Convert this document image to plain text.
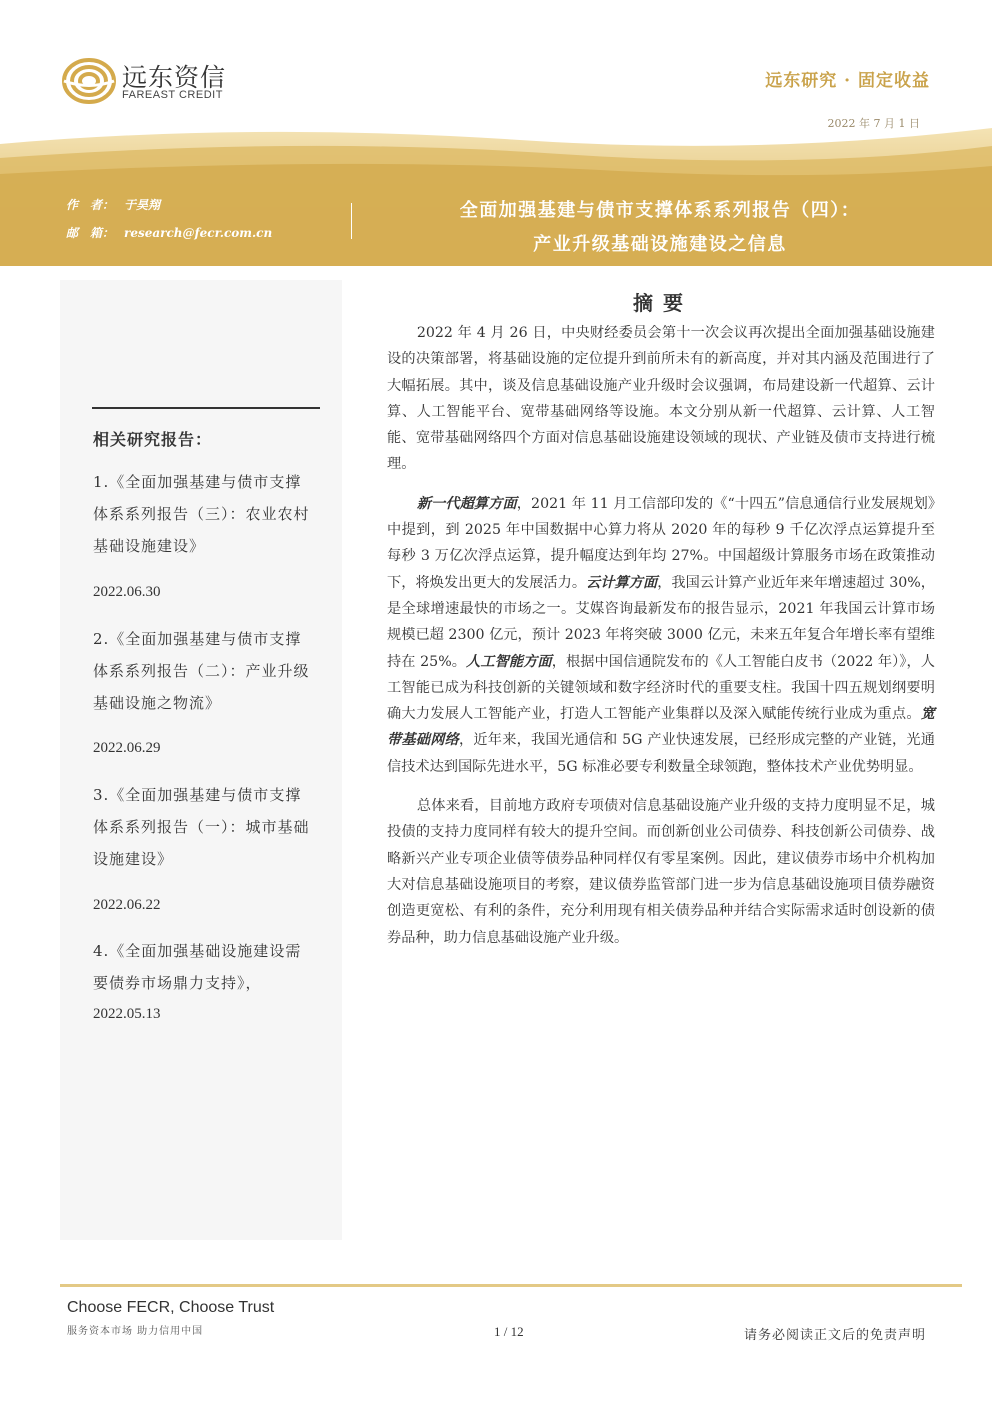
远东资信
FAREAST CREDIT
远东研究 · 固定收益
2022 年 7 月 1 日
作　者： 于昊翔
邮　箱： research@fecr.com.cn
全面加强基建与债市支撑体系系列报告（四）：
产业升级基础设施建设之信息
相关研究报告：
1.《全面加强基建与债市支撑
体系系列报告（三）：农业农村
基础设施建设》
2022.06.30
2.《全面加强基建与债市支撑
体系系列报告（二）：产业升级
基础设施之物流》
2022.06.29
3.《全面加强基建与债市支撑
体系系列报告（一）：城市基础
设施建设》
2022.06.22
4.《全面加强基础设施建设需
要债券市场鼎力支持》，
2022.05.13
摘要

2022 年 4 月 26 日，中央财经委员会第十一次会议再次提出全面加强基础设施建设的决策部署，将基础设施的定位提升到前所未有的新高度，并对其内涵及范围进行了大幅拓展。其中，谈及信息基础设施产业升级时会议强调，布局建设新一代超算、云计算、人工智能平台、宽带基础网络等设施。本文分别从新一代超算、云计算、人工智能、宽带基础网络四个方面对信息基础设施建设领域的现状、产业链及债市支持进行梳理。

新一代超算方面，2021 年 11 月工信部印发的《“十四五”信息通信行业发展规划》中提到，到 2025 年中国数据中心算力将从 2020 年的每秒 9 千亿次浮点运算提升至每秒 3 万亿次浮点运算，提升幅度达到年均 27%。中国超级计算服务市场在政策推动下，将焕发出更大的发展活力。云计算方面，我国云计算产业近年来年增速超过 30%，是全球增速最快的市场之一。艾媒咨询最新发布的报告显示，2021 年我国云计算市场规模已超 2300 亿元，预计 2023 年将突破 3000 亿元，未来五年复合年增长率有望维持在 25%。人工智能方面，根据中国信通院发布的《人工智能白皮书（2022 年）》，人工智能已成为科技创新的关键领域和数字经济时代的重要支柱。我国十四五规划纲要明确大力发展人工智能产业，打造人工智能产业集群以及深入赋能传统行业成为重点。宽带基础网络，近年来，我国光通信和 5G 产业快速发展，已经形成完整的产业链，光通信技术达到国际先进水平，5G 标准必要专利数量全球领跑，整体技术产业优势明显。

总体来看，目前地方政府专项债对信息基础设施产业升级的支持力度明显不足，城投债的支持力度同样有较大的提升空间。而创新创业公司债券、科技创新公司债券、战略新兴产业专项企业债等债券品种同样仅有零星案例。因此，建议债券市场中介机构加大对信息基础设施项目的考察，建议债券监管部门进一步为信息基础设施项目债券融资创造更宽松、有利的条件，充分利用现有相关债券品种并结合实际需求适时创设新的债券品种，助力信息基础设施产业升级。

Choose FECR, Choose Trust
服务资本市场 助力信用中国	1 / 12	请务必阅读正文后的免责声明
